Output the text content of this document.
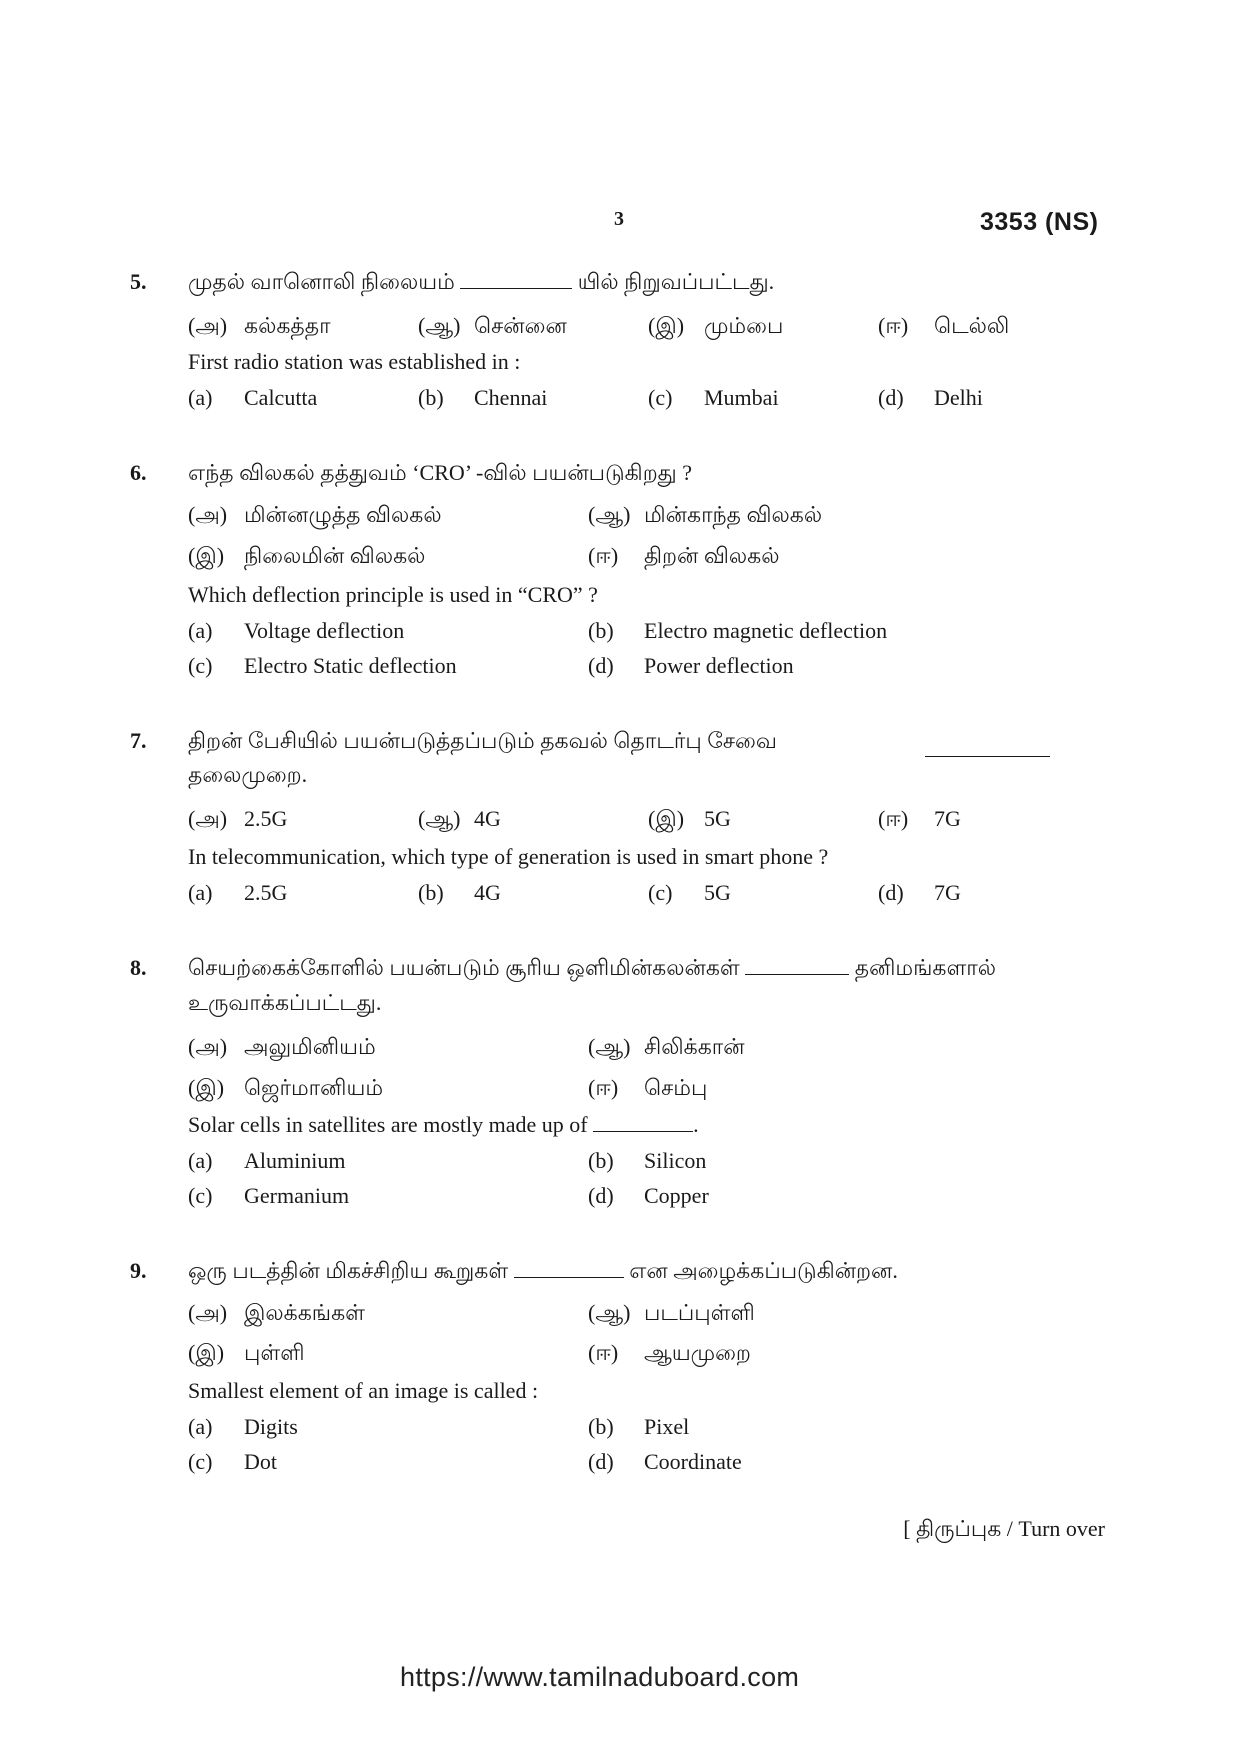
3	3353 (NS)
5. முதல் வானொலி நிலையம்	யில் நிறுவப்பட்டது.
(அ) கல்கத்தா	(ஆ) சென்னை	(இ) மும்பை	(ஈ) டெல்லி
First radio station was established in :
(a) Calcutta	(b) Chennai	(c) Mumbai	(d) Delhi
6. எந்த விலகல் தத்துவம் ‘CRO’ -வில் பயன்படுகிறது ?
(அ) மின்னழுத்த விலகல்	(ஆ) மின்காந்த விலகல்
(இ) நிலைமின் விலகல்	(ஈ) திறன் விலகல்
Which deflection principle is used in “CRO” ?
(a) Voltage deflection	(b) Electro magnetic deflection
(c) Electro Static deflection	(d) Power deflection
7. திறன் பேசியில் பயன்படுத்தப்படும் தகவல் தொடர்பு சேவை
தலைமுறை.
(அ) 2.5G	(ஆ) 4G	(இ) 5G	(ஈ) 7G
In telecommunication, which type of generation is used in smart phone ?
(a) 2.5G	(b) 4G	(c) 5G	(d) 7G
8. செயற்கைக்கோளில் பயன்படும் சூரிய ஒளிமின்கலன்கள்	தனிமங்களால்
உருவாக்கப்பட்டது.
(அ) அலுமினியம்	(ஆ) சிலிக்கான்
(இ) ஜெர்மானியம்	(ஈ) செம்பு
Solar cells in satellites are mostly made up of	.
(a) Aluminium	(b) Silicon
(c) Germanium	(d) Copper
9. ஒரு படத்தின் மிகச்சிறிய கூறுகள்	என அழைக்கப்படுகின்றன.
(அ) இலக்கங்கள்	(ஆ) படப்புள்ளி
(இ) புள்ளி	(ஈ) ஆயமுறை
Smallest element of an image is called :
(a) Digits	(b) Pixel
(c) Dot	(d) Coordinate
[ திருப்புக / Turn over
https://www.tamilnaduboard.com
